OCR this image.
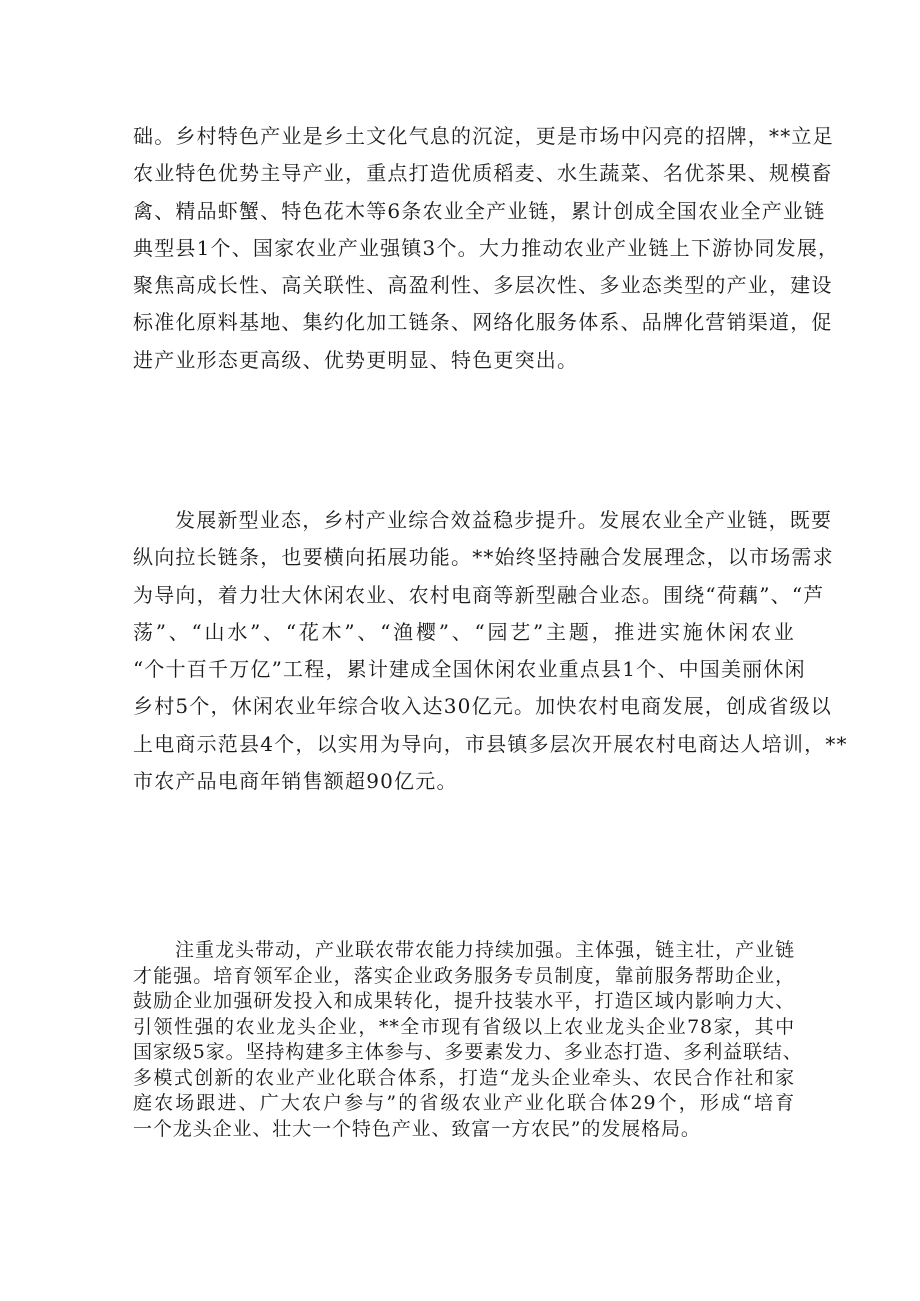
础。乡村特色产业是乡土文化气息的沉淀，更是市场中闪亮的招牌，**立足
农业特色优势主导产业，重点打造优质稻麦、水生蔬菜、名优茶果、规模畜
禽、精品虾蟹、特色花木等6条农业全产业链，累计创成全国农业全产业链
典型县1个、国家农业产业强镇3个。大力推动农业产业链上下游协同发展，
聚焦高成长性、高关联性、高盈利性、多层次性、多业态类型的产业，建设
标准化原料基地、集约化加工链条、网络化服务体系、品牌化营销渠道，促
进产业形态更高级、优势更明显、特色更突出。

发展新型业态，乡村产业综合效益稳步提升。发展农业全产业链，既要
纵向拉长链条，也要横向拓展功能。**始终坚持融合发展理念，以市场需求
为导向，着力壮大休闲农业、农村电商等新型融合业态。围绕“荷藕”、“芦
荡”、“山水”、“花木”、“渔樱”、“园艺”主题，推进实施休闲农业
“个十百千万亿”工程，累计建成全国休闲农业重点县1个、中国美丽休闲
乡村5个，休闲农业年综合收入达30亿元。加快农村电商发展，创成省级以
上电商示范县4个，以实用为导向，市县镇多层次开展农村电商达人培训，**
市农产品电商年销售额超90亿元。

注重龙头带动，产业联农带农能力持续加强。主体强，链主壮，产业链
才能强。培育领军企业，落实企业政务服务专员制度，靠前服务帮助企业，
鼓励企业加强研发投入和成果转化，提升技装水平，打造区域内影响力大、
引领性强的农业龙头企业，**全市现有省级以上农业龙头企业78家，其中
国家级5家。坚持构建多主体参与、多要素发力、多业态打造、多利益联结、
多模式创新的农业产业化联合体系，打造“龙头企业牵头、农民合作社和家
庭农场跟进、广大农户参与”的省级农业产业化联合体29个，形成“培育
一个龙头企业、壮大一个特色产业、致富一方农民”的发展格局。
